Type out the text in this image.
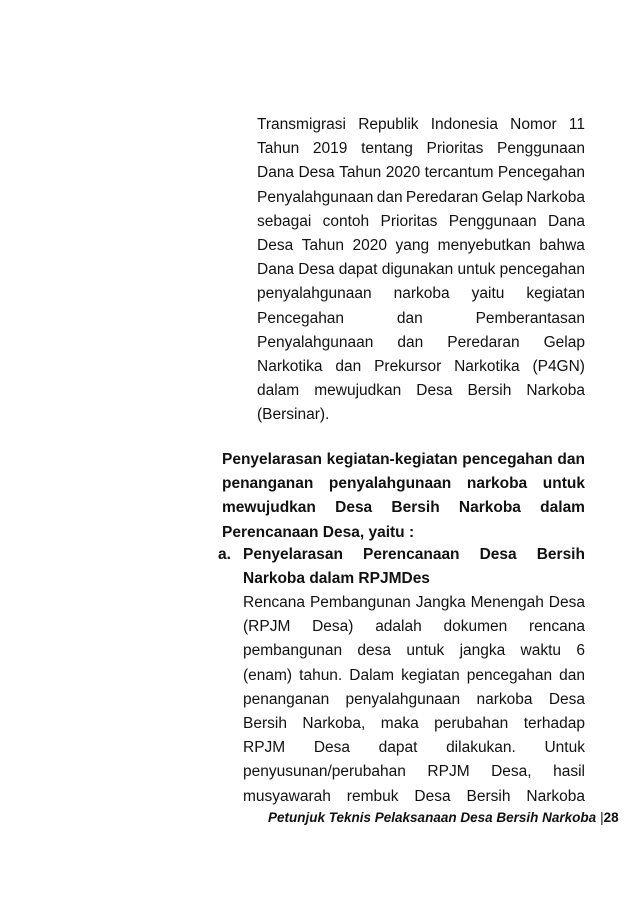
Transmigrasi Republik Indonesia Nomor 11
Tahun 2019 tentang Prioritas Penggunaan
Dana Desa Tahun 2020 tercantum Pencegahan
Penyalahgunaan dan Peredaran Gelap Narkoba
sebagai contoh Prioritas Penggunaan Dana
Desa Tahun 2020 yang menyebutkan bahwa
Dana Desa dapat digunakan untuk pencegahan
penyalahgunaan narkoba yaitu kegiatan
Pencegahan	dan	Pemberantasan
Penyalahgunaan dan Peredaran Gelap
Narkotika dan Prekursor Narkotika (P4GN)
dalam mewujudkan Desa Bersih Narkoba
(Bersinar).
Penyelarasan kegiatan-kegiatan pencegahan dan
penanganan penyalahgunaan narkoba untuk
mewujudkan Desa Bersih Narkoba dalam
Perencanaan Desa, yaitu :
a. Penyelarasan Perencanaan Desa Bersih
Narkoba dalam RPJMDes
Rencana Pembangunan Jangka Menengah Desa
(RPJM Desa) adalah dokumen rencana
pembangunan desa untuk jangka waktu 6
(enam) tahun. Dalam kegiatan pencegahan dan
penanganan penyalahgunaan narkoba Desa
Bersih Narkoba, maka perubahan terhadap
RPJM Desa dapat dilakukan. Untuk
penyusunan/perubahan RPJM Desa, hasil
musyawarah rembuk Desa Bersih Narkoba
Petunjuk Teknis Pelaksanaan Desa Bersih Narkoba |28
